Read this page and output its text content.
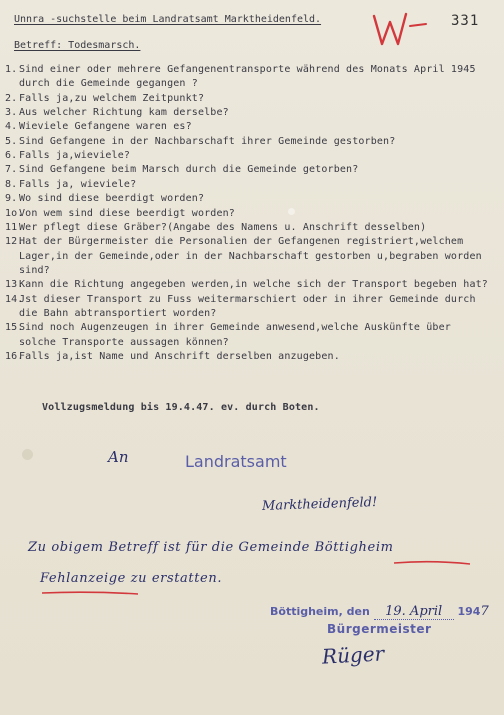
Unnra -suchstelle beim Landratsamt Marktheidenfeld.
Betreff: Todesmarsch.
331
1. Sind einer oder mehrere Gefangenentransporte während des Monats April 1945
durch die Gemeinde gegangen ?
2. Falls ja,zu welchem Zeitpunkt?
3. Aus welcher Richtung kam derselbe?
4. Wieviele Gefangene waren es?
5. Sind Gefangene in der Nachbarschaft ihrer Gemeinde gestorben?
6. Falls ja,wieviele?
7. Sind Gefangene beim Marsch durch die Gemeinde getorben?
8. Falls ja, wieviele?
9. Wo sind diese beerdigt worden?
1o.
Von wem sind diese beerdigt worden?
11.
Wer pflegt diese Gräber?(Angabe des Namens u. Anschrift desselben)
12.
Hat der Bürgermeister die Personalien der Gefangenen registriert,welchem
Lager,in der Gemeinde,oder in der Nachbarschaft gestorben u,begraben worden
sind?
13.
Kann die Richtung angegeben werden,in welche sich der Transport begeben hat?
14.
Jst dieser Transport zu Fuss weitermarschiert oder in ihrer Gemeinde durch
die Bahn abtransportiert worden?
15.
Sind noch Augenzeugen in ihrer Gemeinde anwesend,welche Auskünfte über
solche Transporte aussagen können?
16.
Falls ja,ist Name und Anschrift derselben anzugeben.
Vollzugsmeldung bis 19.4.47. ev. durch Boten.
An	Landratsamt
Marktheidenfeld!
Zu obigem Betreff ist für die Gemeinde Böttigheim
Fehlanzeige zu erstatten.
Böttigheim, den 19. April 1947
Bürgermeister
Rüger
